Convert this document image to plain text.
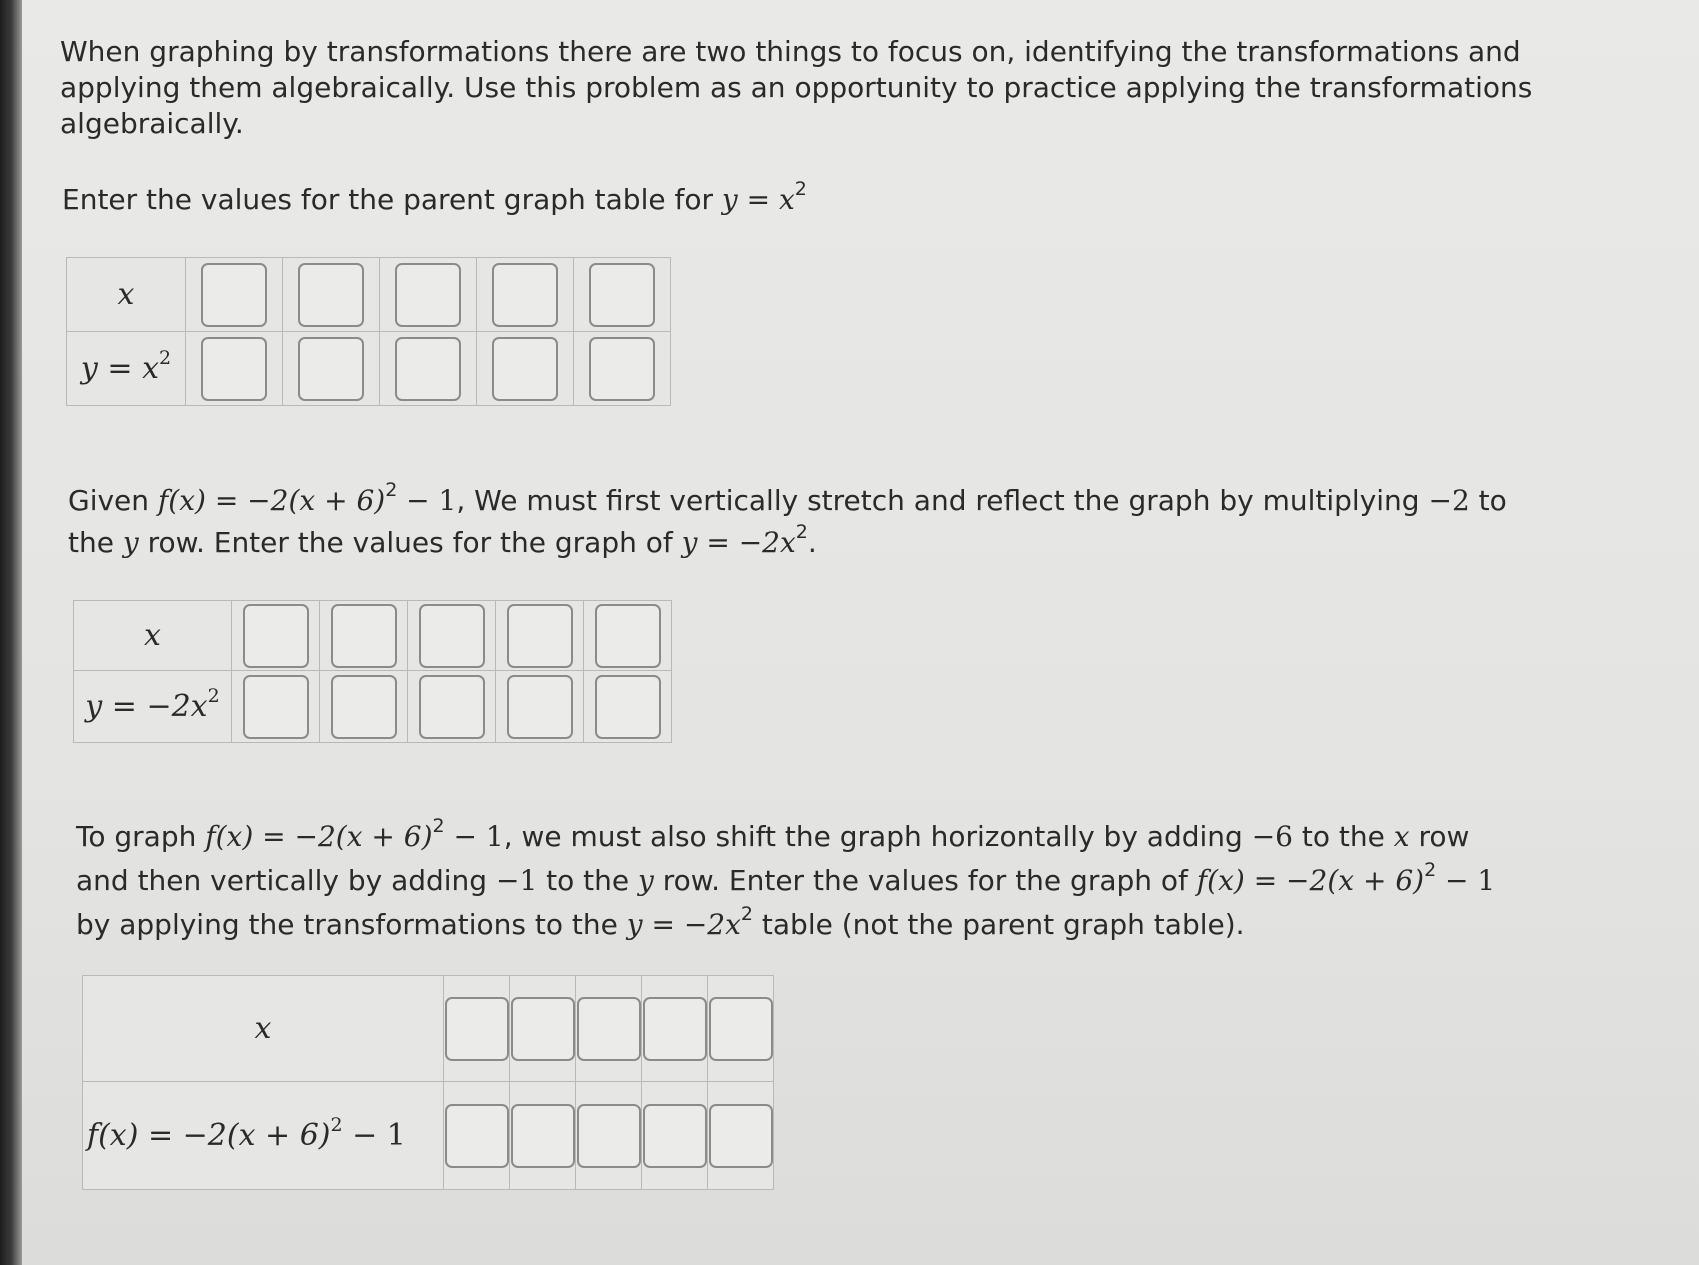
When graphing by transformations there are two things to focus on, identifying the transformations and
applying them algebraically. Use this problem as an opportunity to practice applying the transformations
algebraically.
Enter the values for the parent graph table for $y = x^2$
x	

$y = x^2$	

Given $f(x) = -2(x + 6)^2 - 1$, We must first vertically stretch and reflect the graph by multiplying −2 to
the y row. Enter the values for the graph of $y = -2x^2$.
x	

$y = -2x^2$	

To graph $f(x) = -2(x + 6)^2 - 1$, we must also shift the graph horizontally by adding −6 to the x row
and then vertically by adding −1 to the y row. Enter the values for the graph of $f(x) = -2(x + 6)^2 - 1$
by applying the transformations to the $y = -2x^2$ table (not the parent graph table).
x	

$f(x) = -2(x + 6)^2 - 1$	
